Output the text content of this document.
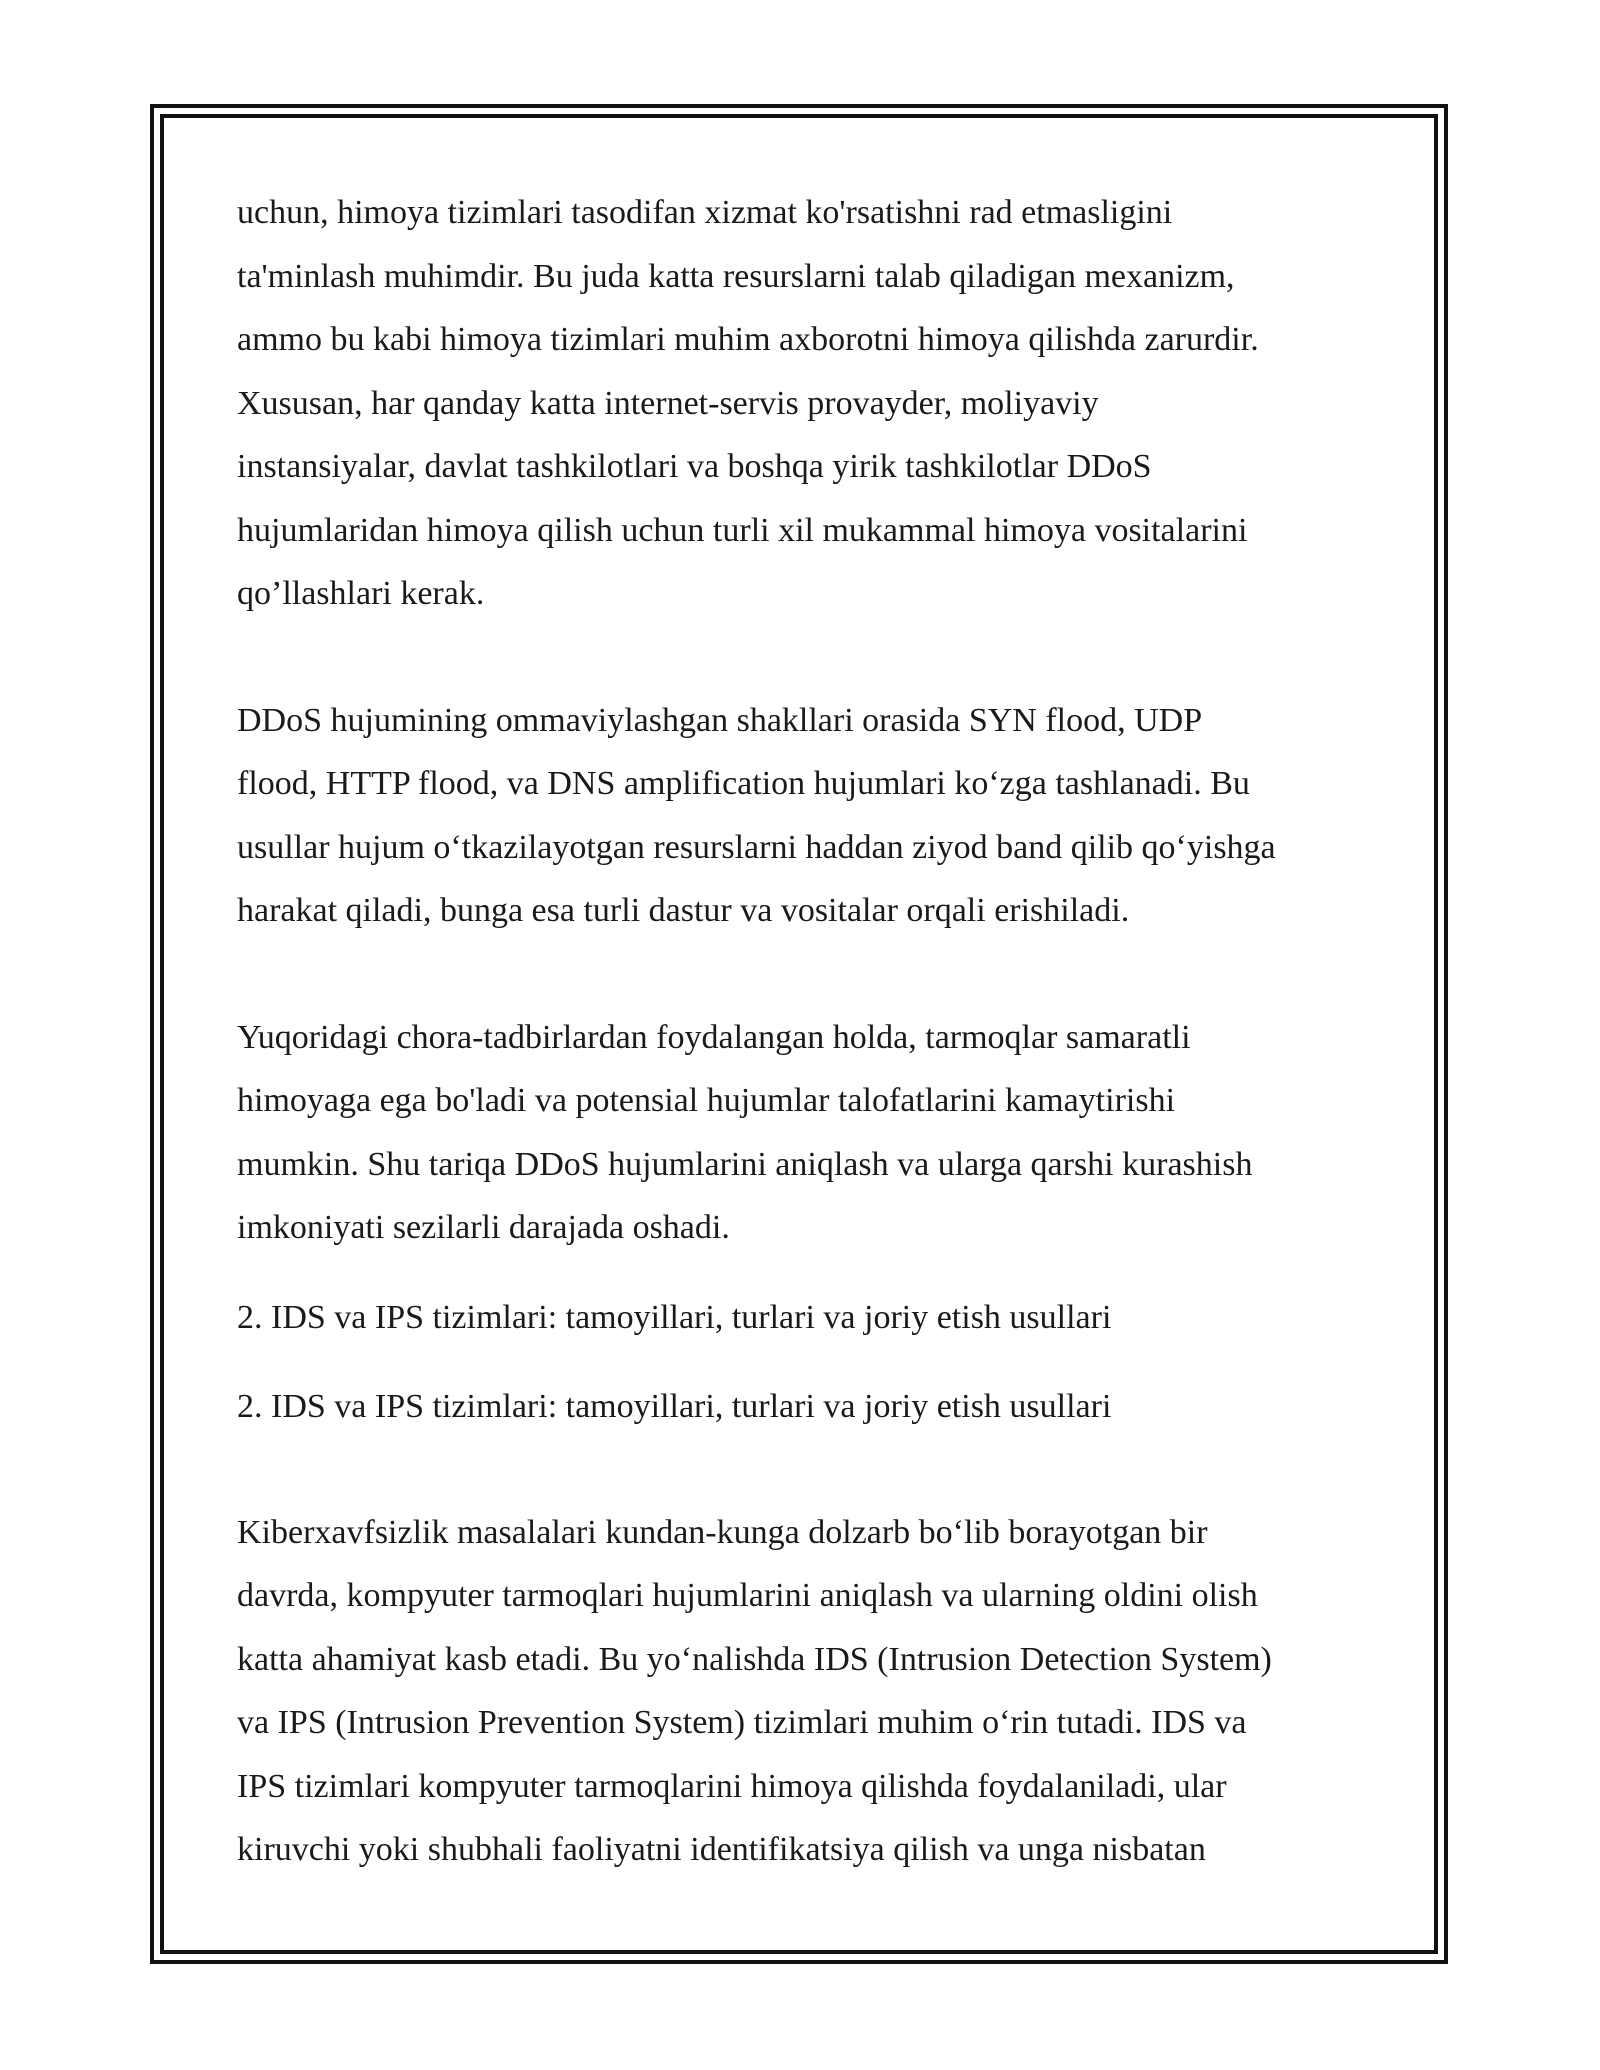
uchun, himoya tizimlari tasodifan xizmat ko'rsatishni rad etmasligini
ta'minlash muhimdir. Bu juda katta resurslarni talab qiladigan mexanizm,
ammo bu kabi himoya tizimlari muhim axborotni himoya qilishda zarurdir.
Xususan, har qanday katta internet-servis provayder, moliyaviy
instansiyalar, davlat tashkilotlari va boshqa yirik tashkilotlar DDoS
hujumlaridan himoya qilish uchun turli xil mukammal himoya vositalarini
qo’llashlari kerak.
DDoS hujumining ommaviylashgan shakllari orasida SYN flood, UDP
flood, HTTP flood, va DNS amplification hujumlari ko‘zga tashlanadi. Bu
usullar hujum o‘tkazilayotgan resurslarni haddan ziyod band qilib qo‘yishga
harakat qiladi, bunga esa turli dastur va vositalar orqali erishiladi.
Yuqoridagi chora-tadbirlardan foydalangan holda, tarmoqlar samaratli
himoyaga ega bo'ladi va potensial hujumlar talofatlarini kamaytirishi
mumkin. Shu tariqa DDoS hujumlarini aniqlash va ularga qarshi kurashish
imkoniyati sezilarli darajada oshadi.
2. IDS va IPS tizimlari: tamoyillari, turlari va joriy etish usullari
2. IDS va IPS tizimlari: tamoyillari, turlari va joriy etish usullari
Kiberxavfsizlik masalalari kundan-kunga dolzarb bo‘lib borayotgan bir
davrda, kompyuter tarmoqlari hujumlarini aniqlash va ularning oldini olish
katta ahamiyat kasb etadi. Bu yo‘nalishda IDS (Intrusion Detection System)
va IPS (Intrusion Prevention System) tizimlari muhim o‘rin tutadi. IDS va
IPS tizimlari kompyuter tarmoqlarini himoya qilishda foydalaniladi, ular
kiruvchi yoki shubhali faoliyatni identifikatsiya qilish va unga nisbatan
